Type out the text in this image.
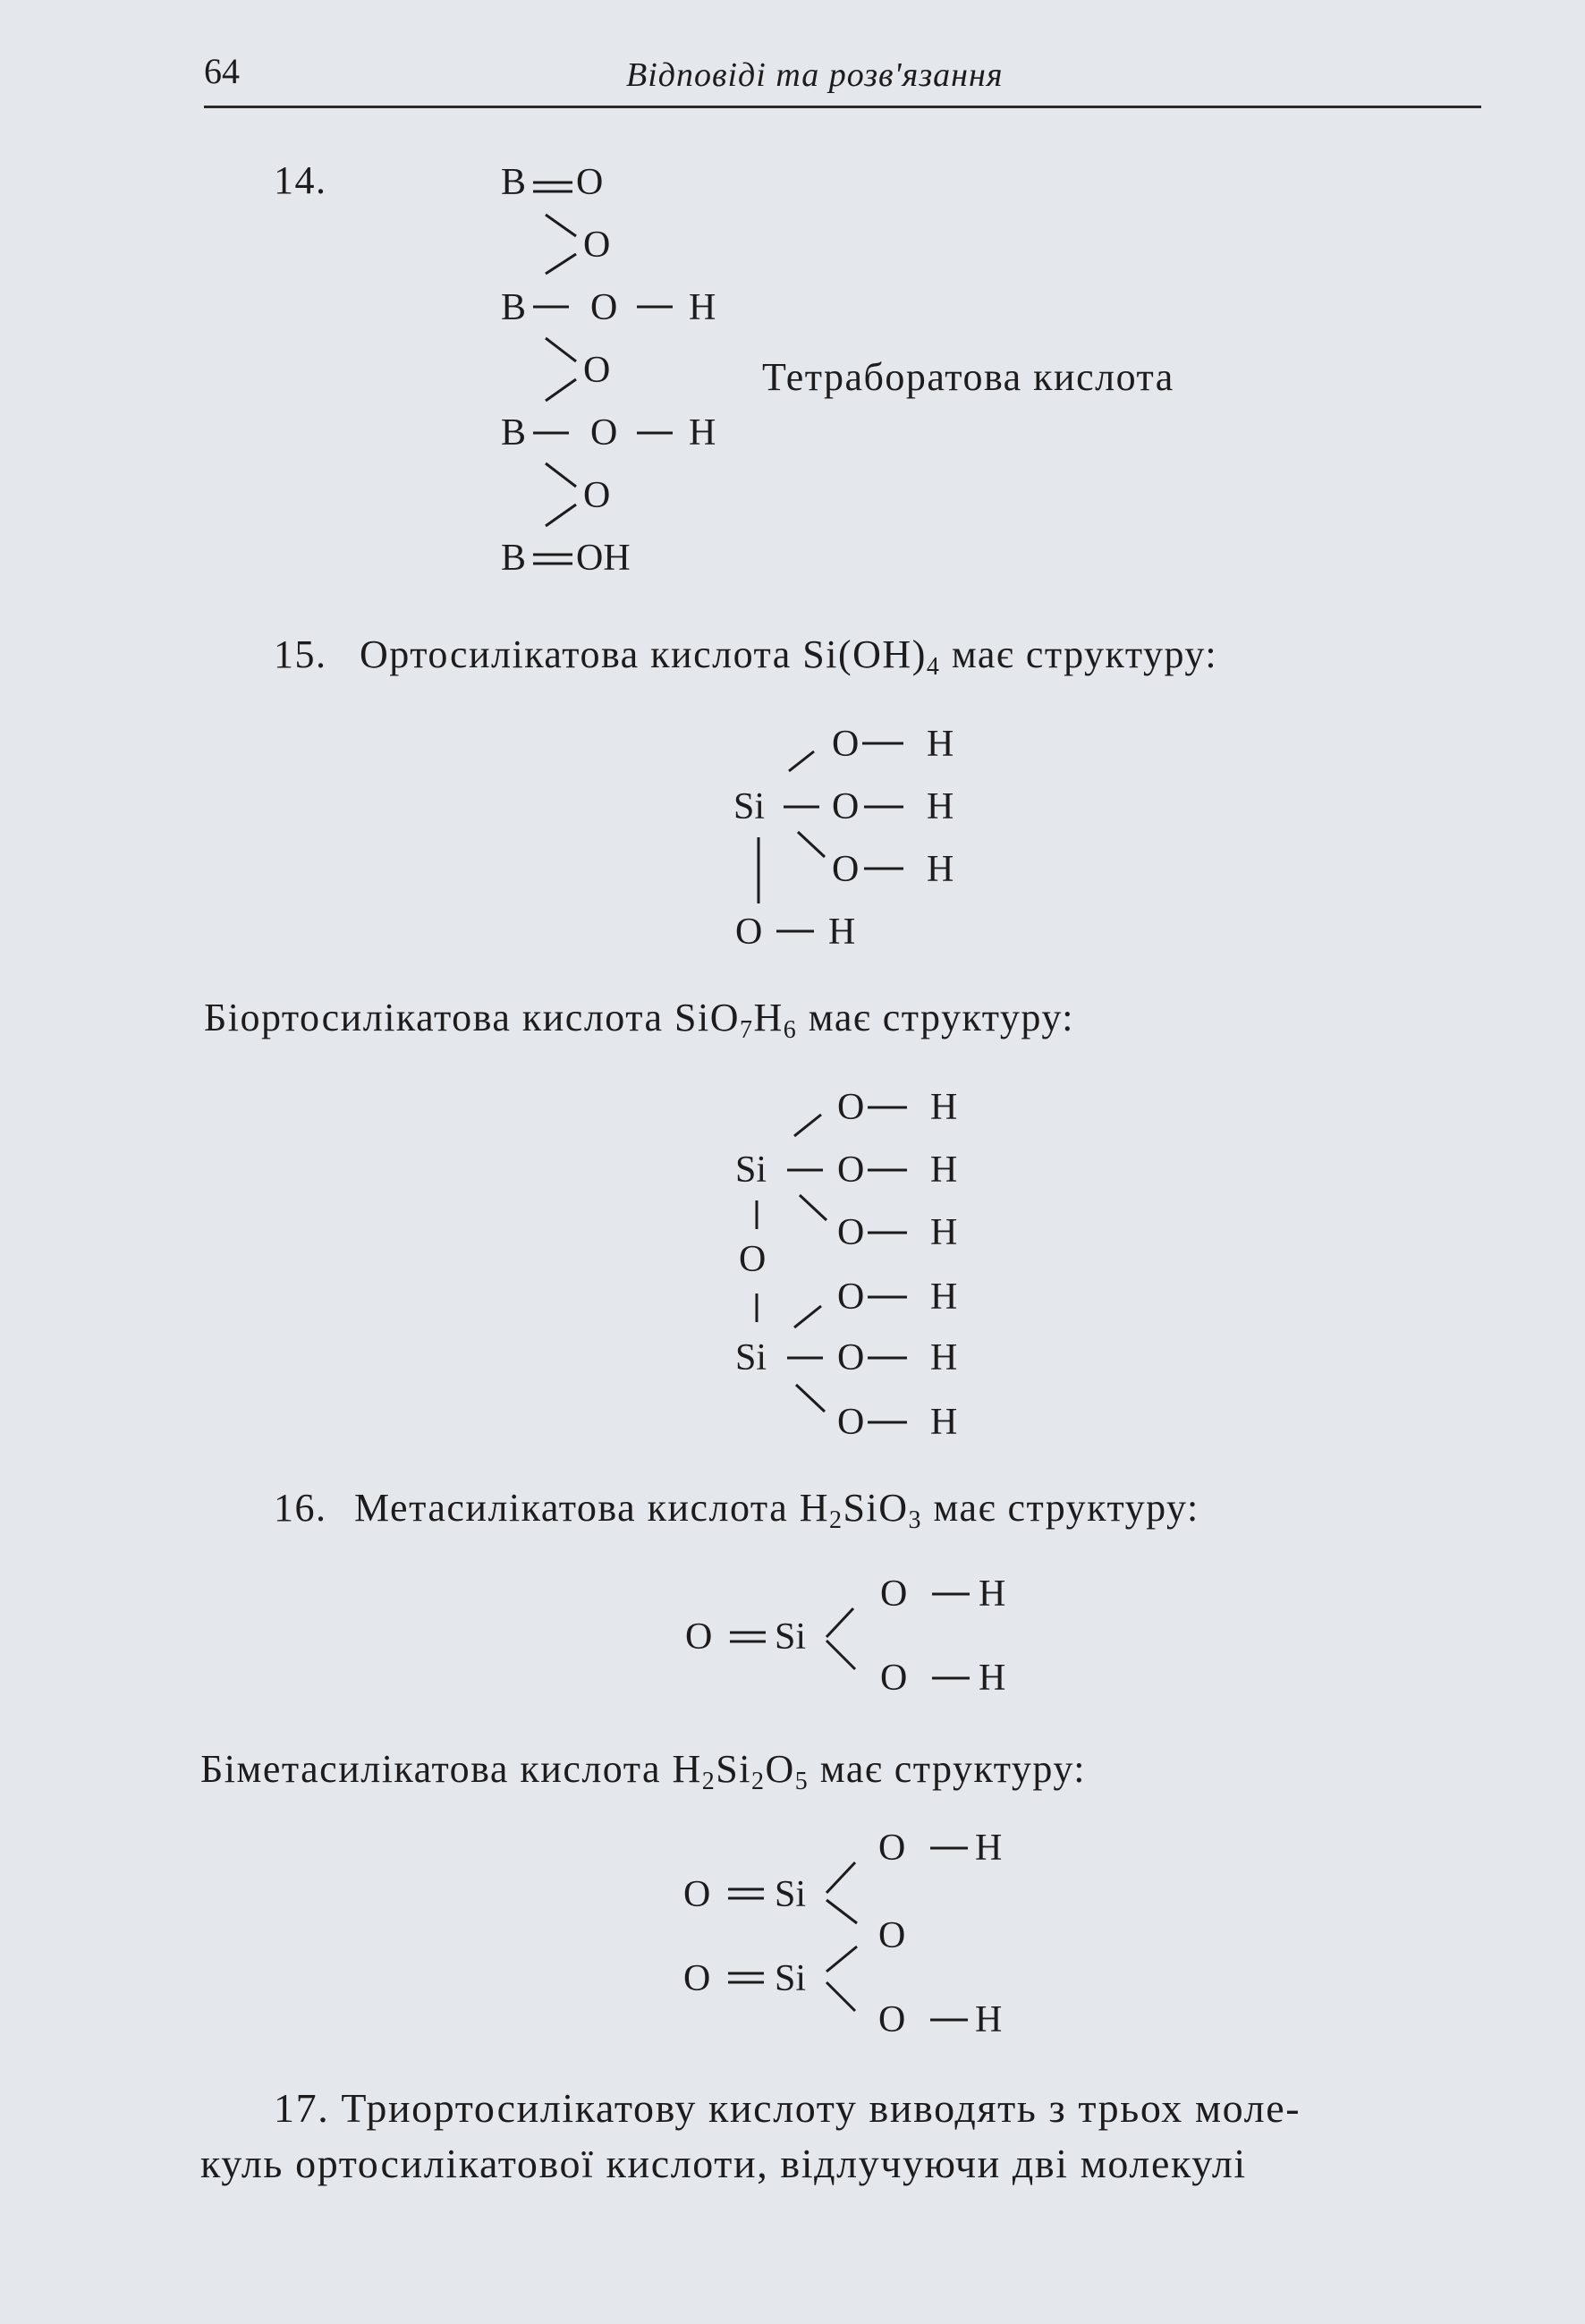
64	Відповіді та розв'язання
14.	B O
O
B O H
O
B O H
O
B OH
Тетраборатова кислота
15. Ортосилікатова кислота $Si(OH)_4$ має структуру:
Si
O H
O H
O H
O H
Біортосилікатова кислота $SiO_7H_6$ має структуру:
Si
O
Si
O H
O H
O H
O H
O H
O H
16. Метасилікатова кислота $H_2SiO_3$ має структуру:
O Si
O H
O H
Біметасилікатова кислота $H_2Si_2O_5$ має структуру:
O Si
O H
O
O Si
O H
17. Триортосилікатову кислоту виводять з трьох моле-
куль ортосилікатової кислоти, відлучуючи дві молекулі
